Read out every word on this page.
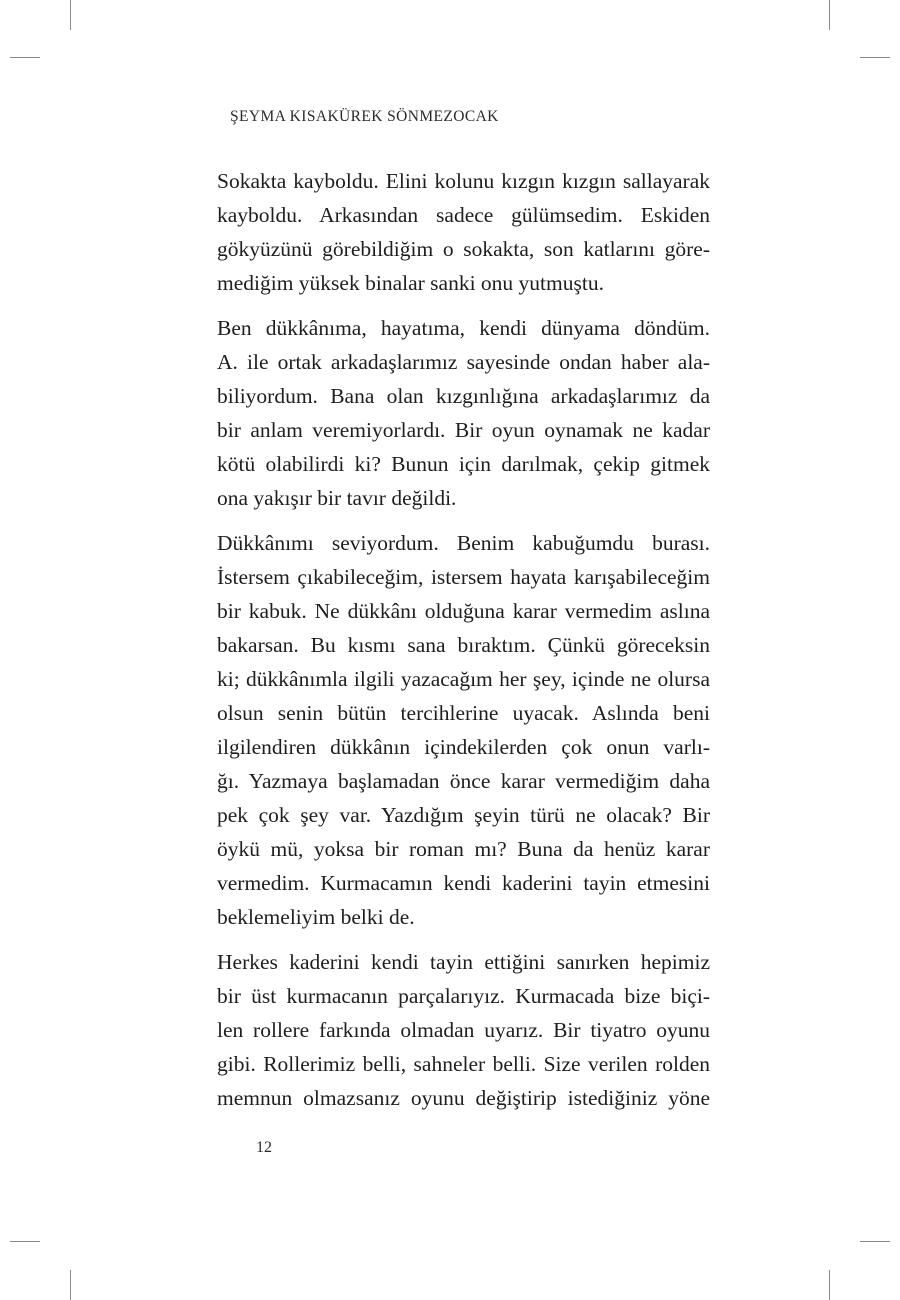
ŞEYMA KISAKÜREK SÖNMEZOCAK
Sokakta kayboldu. Elini kolunu kızgın kızgın sallayarak
kayboldu. Arkasından sadece gülümsedim. Eskiden
gökyüzünü görebildiğim o sokakta, son katlarını göre-
mediğim yüksek binalar sanki onu yutmuştu.
Ben dükkânıma, hayatıma, kendi dünyama döndüm.
A. ile ortak arkadaşlarımız sayesinde ondan haber ala-
biliyordum. Bana olan kızgınlığına arkadaşlarımız da
bir anlam veremiyorlardı. Bir oyun oynamak ne kadar
kötü olabilirdi ki? Bunun için darılmak, çekip gitmek
ona yakışır bir tavır değildi.
Dükkânımı seviyordum. Benim kabuğumdu burası.
İstersem çıkabileceğim, istersem hayata karışabileceğim
bir kabuk. Ne dükkânı olduğuna karar vermedim aslına
bakarsan. Bu kısmı sana bıraktım. Çünkü göreceksin
ki; dükkânımla ilgili yazacağım her şey, içinde ne olursa
olsun senin bütün tercihlerine uyacak. Aslında beni
ilgilendiren dükkânın içindekilerden çok onun varlı-
ğı. Yazmaya başlamadan önce karar vermediğim daha
pek çok şey var. Yazdığım şeyin türü ne olacak? Bir
öykü mü, yoksa bir roman mı? Buna da henüz karar
vermedim. Kurmacamın kendi kaderini tayin etmesini
beklemeliyim belki de.
Herkes kaderini kendi tayin ettiğini sanırken hepimiz
bir üst kurmacanın parçalarıyız. Kurmacada bize biçi-
len rollere farkında olmadan uyarız. Bir tiyatro oyunu
gibi. Rollerimiz belli, sahneler belli. Size verilen rolden
memnun olmazsanız oyunu değiştirip istediğiniz yöne
12
